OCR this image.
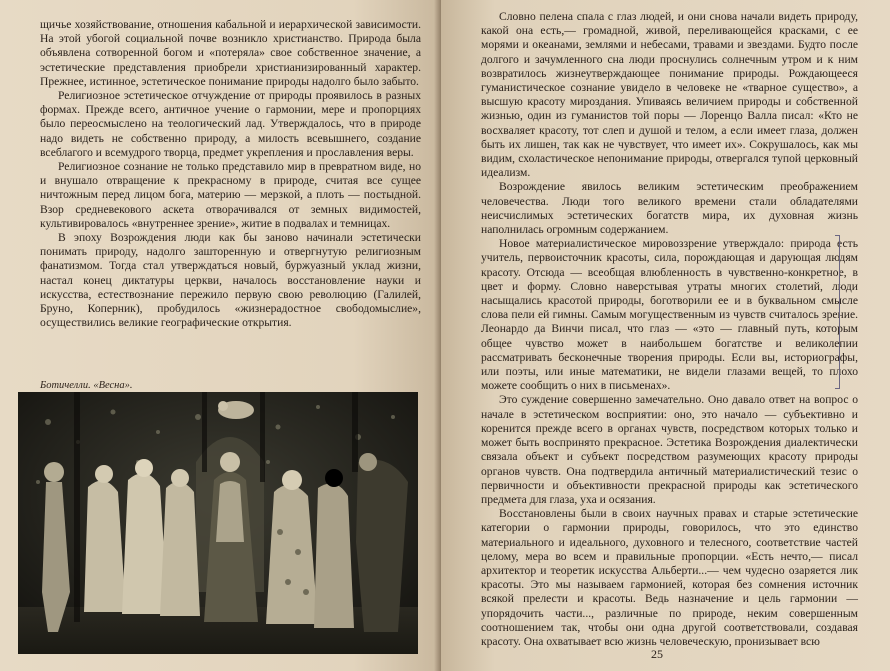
щичье хозяйствование, отношения кабальной и иерархической зависимости. На этой убогой социальной почве возникло христианство. Природа была объявлена сотворенной богом и «потеряла» свое собственное значение, а эстетические представления приобрели христианизированный характер. Прежнее, истинное, эстетическое понимание природы надолго было забыто.

Религиозное эстетическое отчуждение от природы проявилось в разных формах. Прежде всего, античное учение о гармонии, мере и пропорциях было переосмыслено на теологический лад. Утверждалось, что в природе надо видеть не собственно природу, а милость всевышнего, создание всеблагого и всемудрого творца, предмет укрепления и прославления веры.

Религиозное сознание не только представило мир в превратном виде, но и внушало отвращение к прекрасному в природе, считая все сущее ничтожным перед лицом бога, материю — мерзкой, а плоть — постыдной. Взор средневекового аскета отворачивался от земных видимостей, культивировалось «внутреннее зрение», житие в подвалах и темницах.

В эпоху Возрождения люди как бы заново начинали эстетически понимать природу, надолго зашторенную и отвергнутую религиозным фанатизмом. Тогда стал утверждаться новый, буржуазный уклад жизни, настал конец диктатуры церкви, началось восстановление науки и искусства, естествознание пережило первую свою революцию (Галилей, Бруно, Коперник), пробудилось «жизнерадостное свободомыслие», осуществились великие географические открытия.

Ботичелли. «Весна».

Словно пелена спала с глаз людей, и они снова начали видеть природу, какой она есть,— громадной, живой, переливающейся красками, с ее морями и океанами, землями и небесами, травами и звездами. Будто после долгого и зачумленного сна люди проснулись солнечным утром и к ним возвратилось жизнеутверждающее понимание природы. Рождающееся гуманистическое сознание увидело в человеке не «тварное существо», а высшую красоту мироздания. Упиваясь величием природы и собственной жизнью, один из гуманистов той поры — Лоренцо Валла писал: «Кто не восхваляет красоту, тот слеп и душой и телом, а если имеет глаза, должен быть их лишен, так как не чувствует, что имеет их». Сокрушалось, как мы видим, схоластическое непонимание природы, отвергался тупой церковный идеализм.

Возрождение явилось великим эстетическим преображением человечества. Люди того великого времени стали обладателями неисчислимых эстетических богатств мира, их духовная жизнь наполнилась огромным содержанием.

Новое материалистическое мировоззрение утверждало: природа есть учитель, первоисточник красоты, сила, порождающая и дарующая людям красоту. Отсюда — всеобщая влюбленность в чувственно-конкретное, в цвет и форму. Словно наверстывая утраты многих столетий, люди насыщались красотой природы, боготворили ее и в буквальном смысле слова пели ей гимны. Самым могущественным из чувств считалось зрение. Леонардо да Винчи писал, что глаз — «это — главный путь, которым общее чувство может в наибольшем богатстве и великолепии рассматривать бесконечные творения природы. Если вы, историографы, или поэты, или иные математики, не видели глазами вещей, то плохо можете сообщить о них в письменах».

Это суждение совершенно замечательно. Оно давало ответ на вопрос о начале в эстетическом восприятии: оно, это начало — субъективно и коренится прежде всего в органах чувств, посредством которых только и может быть воспринято прекрасное. Эстетика Возрождения диалектически связала объект и субъект посредством разумеющих красоту природы органов чувств. Она подтвердила античный материалистический тезис о первичности и объективности прекрасной природы как эстетического предмета для глаза, уха и осязания.

Восстановлены были в своих научных правах и старые эстетические категории о гармонии природы, говорилось, что это единство материального и идеального, духовного и телесного, соответствие частей целому, мера во всем и правильные пропорции. «Есть нечто,— писал архитектор и теоретик искусства Альберти...— чем чудесно озаряется лик красоты. Это мы называем гармонией, которая без сомнения источник всякой прелести и красоты. Ведь назначение и цель гармонии — упорядочить части..., различные по природе, неким совершенным соотношением так, чтобы они одна другой соответствовали, создавая красоту. Она охватывает всю жизнь человеческую, пронизывает всю

25
